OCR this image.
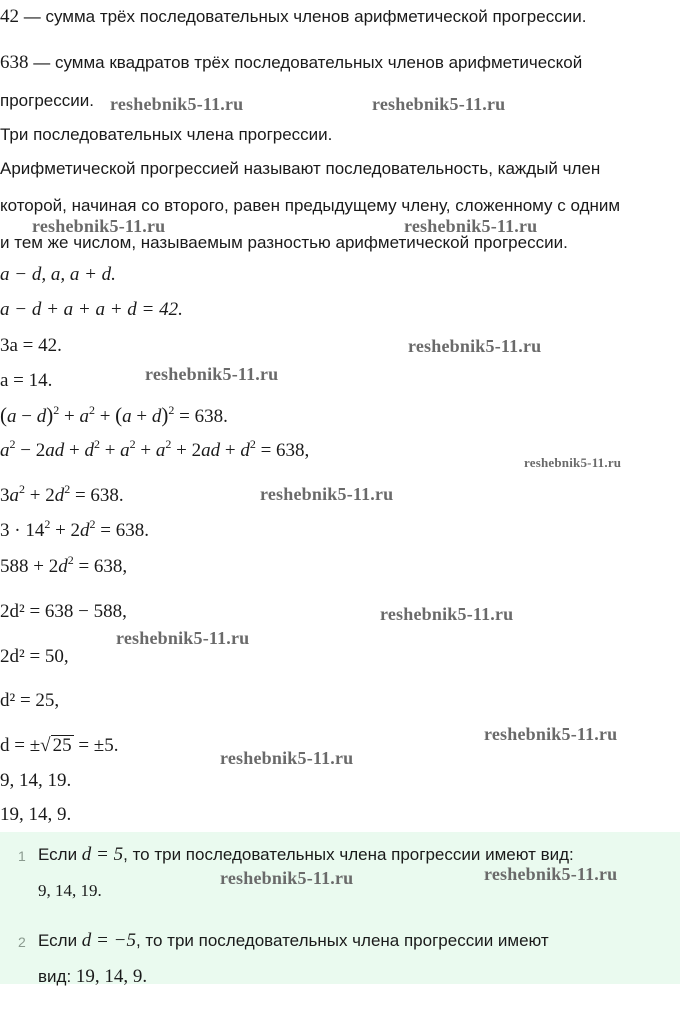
42 — сумма трёх последовательных членов арифметической прогрессии.
638 — сумма квадратов трёх последовательных членов арифметической
прогрессии.
Три последовательных члена прогрессии.
Арифметической прогрессией называют последовательность, каждый член
которой, начиная со второго, равен предыдущему члену, сложенному с одним
и тем же числом, называемым разностью арифметической прогрессии.
a − d, a, a + d.
a − d + a + a + d = 42.
3a = 42.
a = 14.
$(a - d)^2 + a^2 + (a + d)^2 = 638$.
$a^2 - 2ad + d^2 + a^2 + a^2 + 2ad + d^2 = 638$,
$3a^2 + 2d^2 = 638$.
$3 \cdot 14^2 + 2d^2 = 638$.
$588 + 2d^2 = 638$,
2d² = 638 − 588,
2d² = 50,
d² = 25,
d = ±√ 25 = ±5.
9, 14, 19.
19, 14, 9.
1 Если d = 5, то три последовательных члена прогрессии имеют вид:
9, 14, 19.
2 Если d = −5, то три последовательных члена прогрессии имеют
вид: 19, 14, 9.
reshebnik5-11.ru	reshebnik5-11.ru
reshebnik5-11.ru	reshebnik5-11.ru
reshebnik5-11.ru
reshebnik5-11.ru
reshebnik5-11.ru
reshebnik5-11.ru
reshebnik5-11.ru
reshebnik5-11.ru
reshebnik5-11.ru
reshebnik5-11.ru
reshebnik5-11.ru	reshebnik5-11.ru
